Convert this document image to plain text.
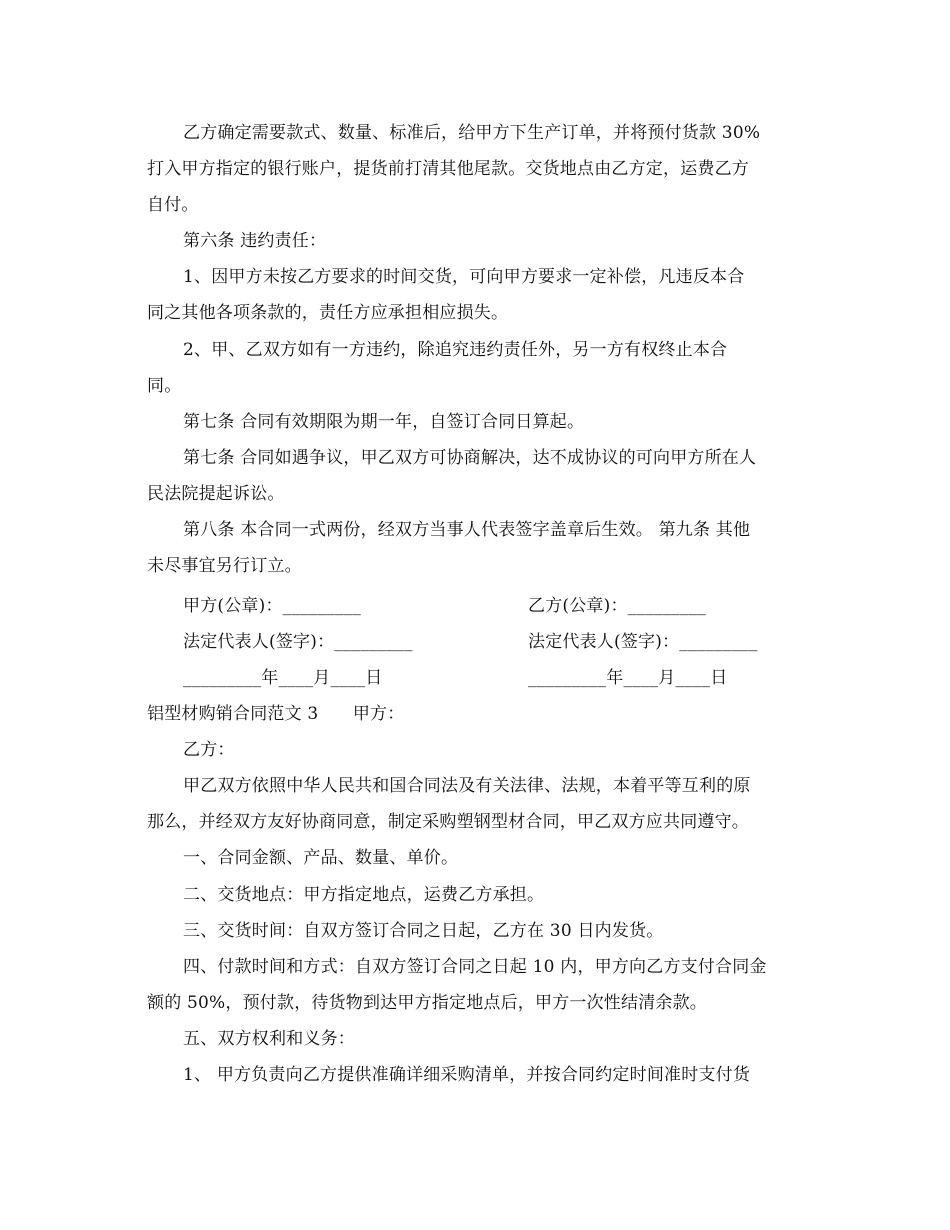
乙方确定需要款式、数量、标准后，给甲方下生产订单，并将预付货款 30%
打入甲方指定的银行账户，提货前打清其他尾款。交货地点由乙方定，运费乙方
自付。
第六条 违约责任：
1、因甲方未按乙方要求的时间交货，可向甲方要求一定补偿，凡违反本合
同之其他各项条款的，责任方应承担相应损失。
2、甲、乙双方如有一方违约，除追究违约责任外，另一方有权终止本合
同。
第七条 合同有效期限为期一年，自签订合同日算起。
第七条 合同如遇争议，甲乙双方可协商解决，达不成协议的可向甲方所在人
民法院提起诉讼。
第八条 本合同一式两份，经双方当事人代表签字盖章后生效。 第九条 其他
未尽事宜另行订立。
甲方(公章)：_________	乙方(公章)：_________
法定代表人(签字)：_________	法定代表人(签字)：_________
_________年____月____日	_________年____月____日
铝型材购销合同范文 3　　甲方：
乙方：
甲乙双方依照中华人民共和国合同法及有关法律、法规，本着平等互利的原
那么，并经双方友好协商同意，制定采购塑钢型材合同，甲乙双方应共同遵守。
一、合同金额、产品、数量、单价。
二、交货地点：甲方指定地点，运费乙方承担。
三、交货时间：自双方签订合同之日起，乙方在 30 日内发货。
四、付款时间和方式：自双方签订合同之日起 10 内，甲方向乙方支付合同金
额的 50%，预付款，待货物到达甲方指定地点后，甲方一次性结清余款。
五、双方权利和义务：
1、 甲方负责向乙方提供准确详细采购清单，并按合同约定时间准时支付货
